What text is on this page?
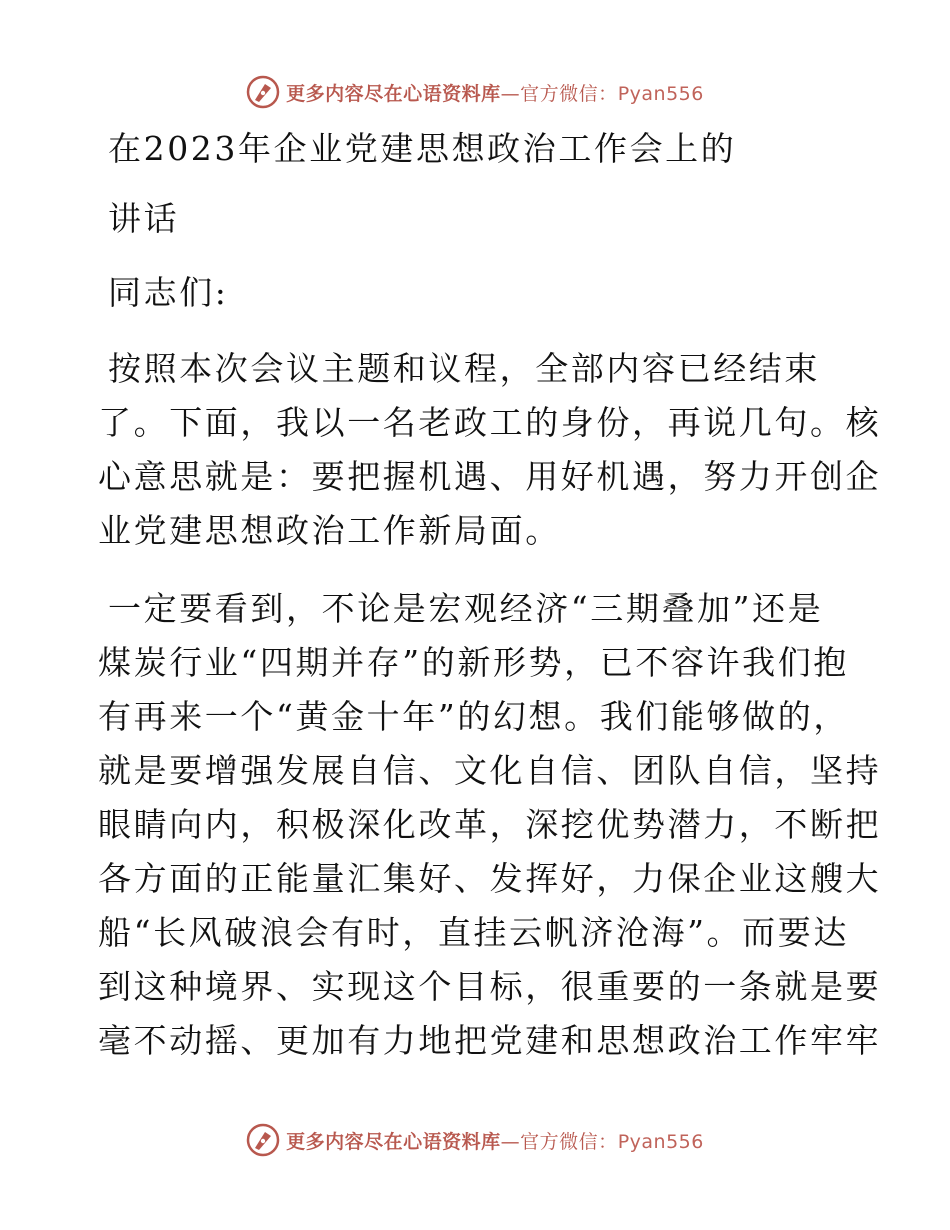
更多内容尽在心语资料库—官方微信：Pyan556
在2023年企业党建思想政治工作会上的
讲话
同志们:
按照本次会议主题和议程，全部内容已经结束
了。下面，我以一名老政工的身份，再说几句。核
心意思就是：要把握机遇、用好机遇，努力开创企
业党建思想政治工作新局面。
一定要看到，不论是宏观经济“三期叠加”还是
煤炭行业“四期并存”的新形势，已不容许我们抱
有再来一个“黄金十年”的幻想。我们能够做的，
就是要增强发展自信、文化自信、团队自信，坚持
眼睛向内，积极深化改革，深挖优势潜力，不断把
各方面的正能量汇集好、发挥好，力保企业这艘大
船“长风破浪会有时，直挂云帆济沧海”。而要达
到这种境界、实现这个目标，很重要的一条就是要
毫不动摇、更加有力地把党建和思想政治工作牢牢
更多内容尽在心语资料库—官方微信：Pyan556
